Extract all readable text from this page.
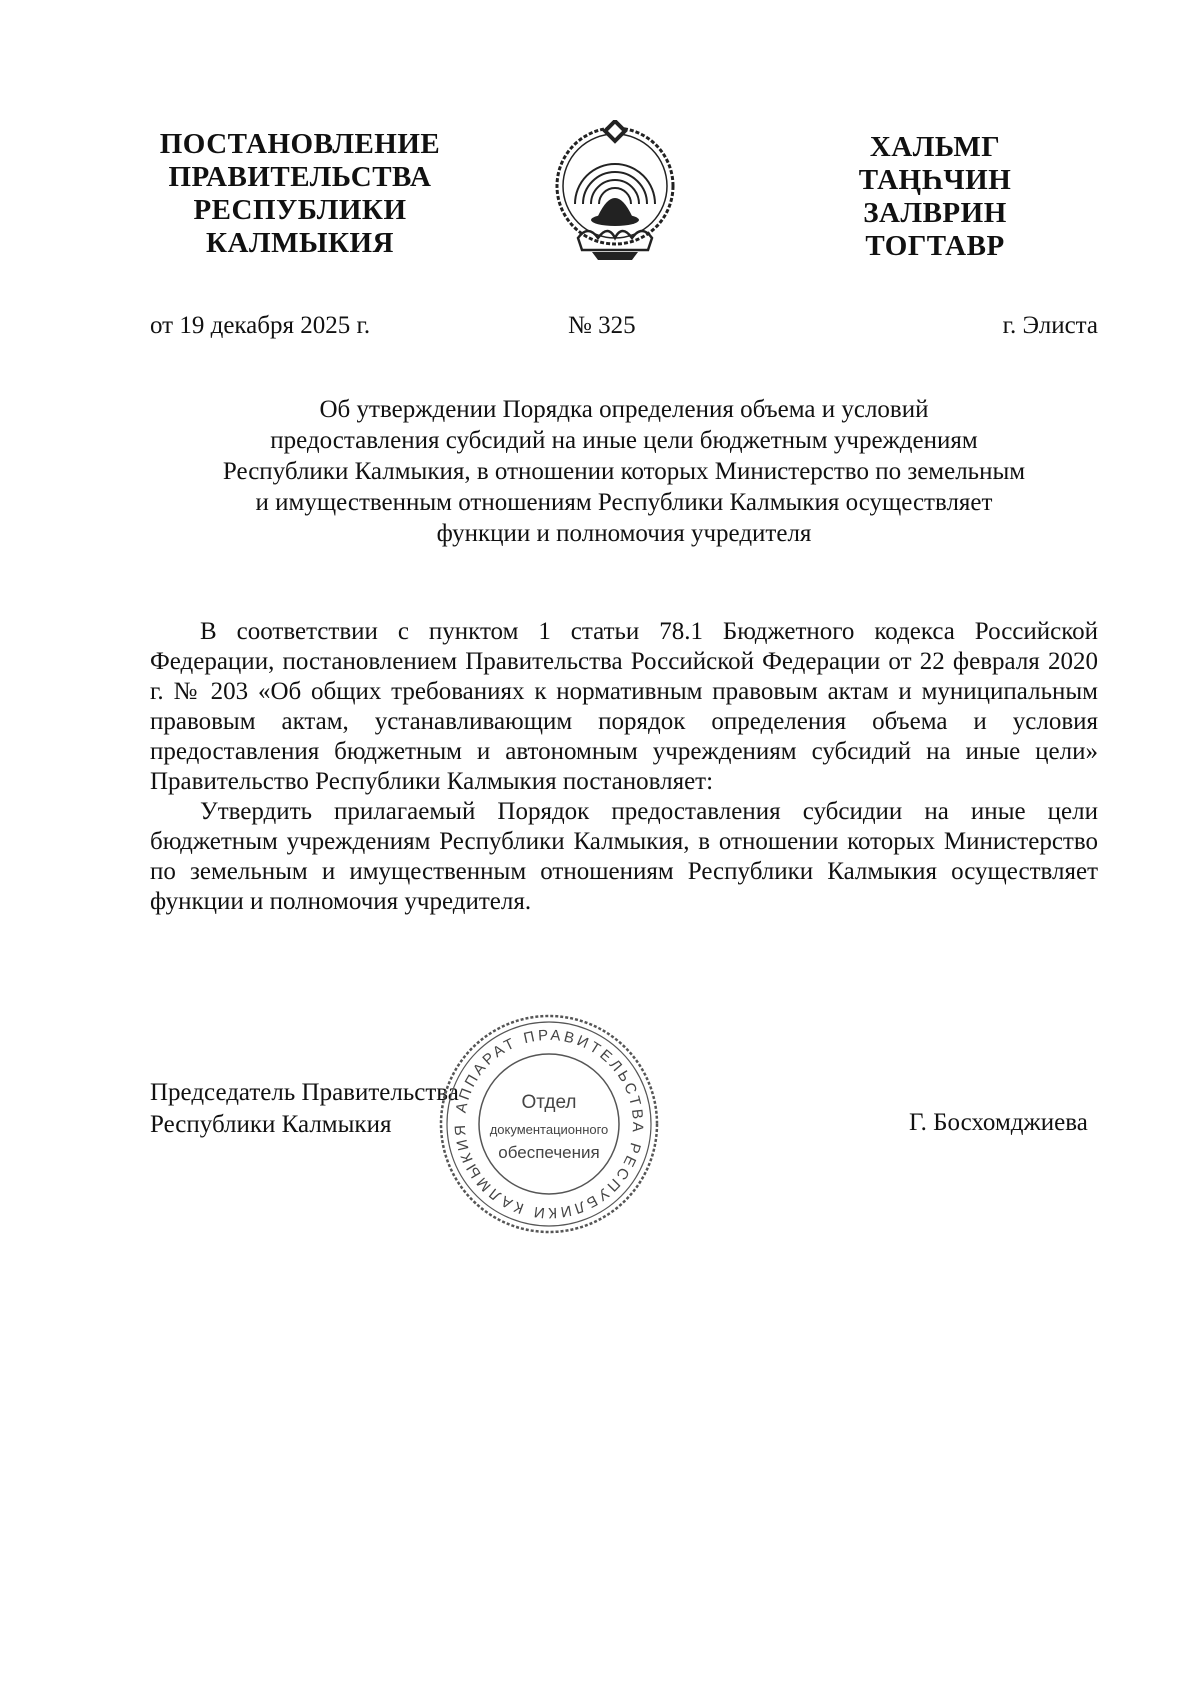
ПОСТАНОВЛЕНИЕ
ПРАВИТЕЛЬСТВА
РЕСПУБЛИКИ
КАЛМЫКИЯ
ХАЛЬМГ
ТАҢҺЧИН
ЗАЛВРИН
ТОГТАВР
от 19 декабря 2025 г.	№ 325	г. Элиста
Об утверждении Порядка определения объема и условий
предоставления субсидий на иные цели бюджетным учреждениям
Республики Калмыкия, в отношении которых Министерство по земельным
и имущественным отношениям Республики Калмыкия осуществляет
функции и полномочия учредителя

В соответствии с пунктом 1 статьи 78.1 Бюджетного кодекса Российской Федерации, постановлением Правительства Российской Федерации от 22 февраля 2020 г. № 203 «Об общих требованиях к нормативным правовым актам и муниципальным правовым актам, устанавливающим порядок определения объема и условия предоставления бюджетным и автономным учреждениям субсидий на иные цели» Правительство Республики Калмыкия постановляет:

Утвердить прилагаемый Порядок предоставления субсидии на иные цели бюджетным учреждениям Республики Калмыкия, в отношении которых Министерство по земельным и имущественным отношениям Республики Калмыкия осуществляет функции и полномочия учредителя.

Председатель Правительства
Республики Калмыкия
АППАРАТ ПРАВИТЕЛЬСТВА РЕСПУБЛИКИ КАЛМЫКИЯ
Отдел
документационного
обеспечения
Г. Босхомджиева
